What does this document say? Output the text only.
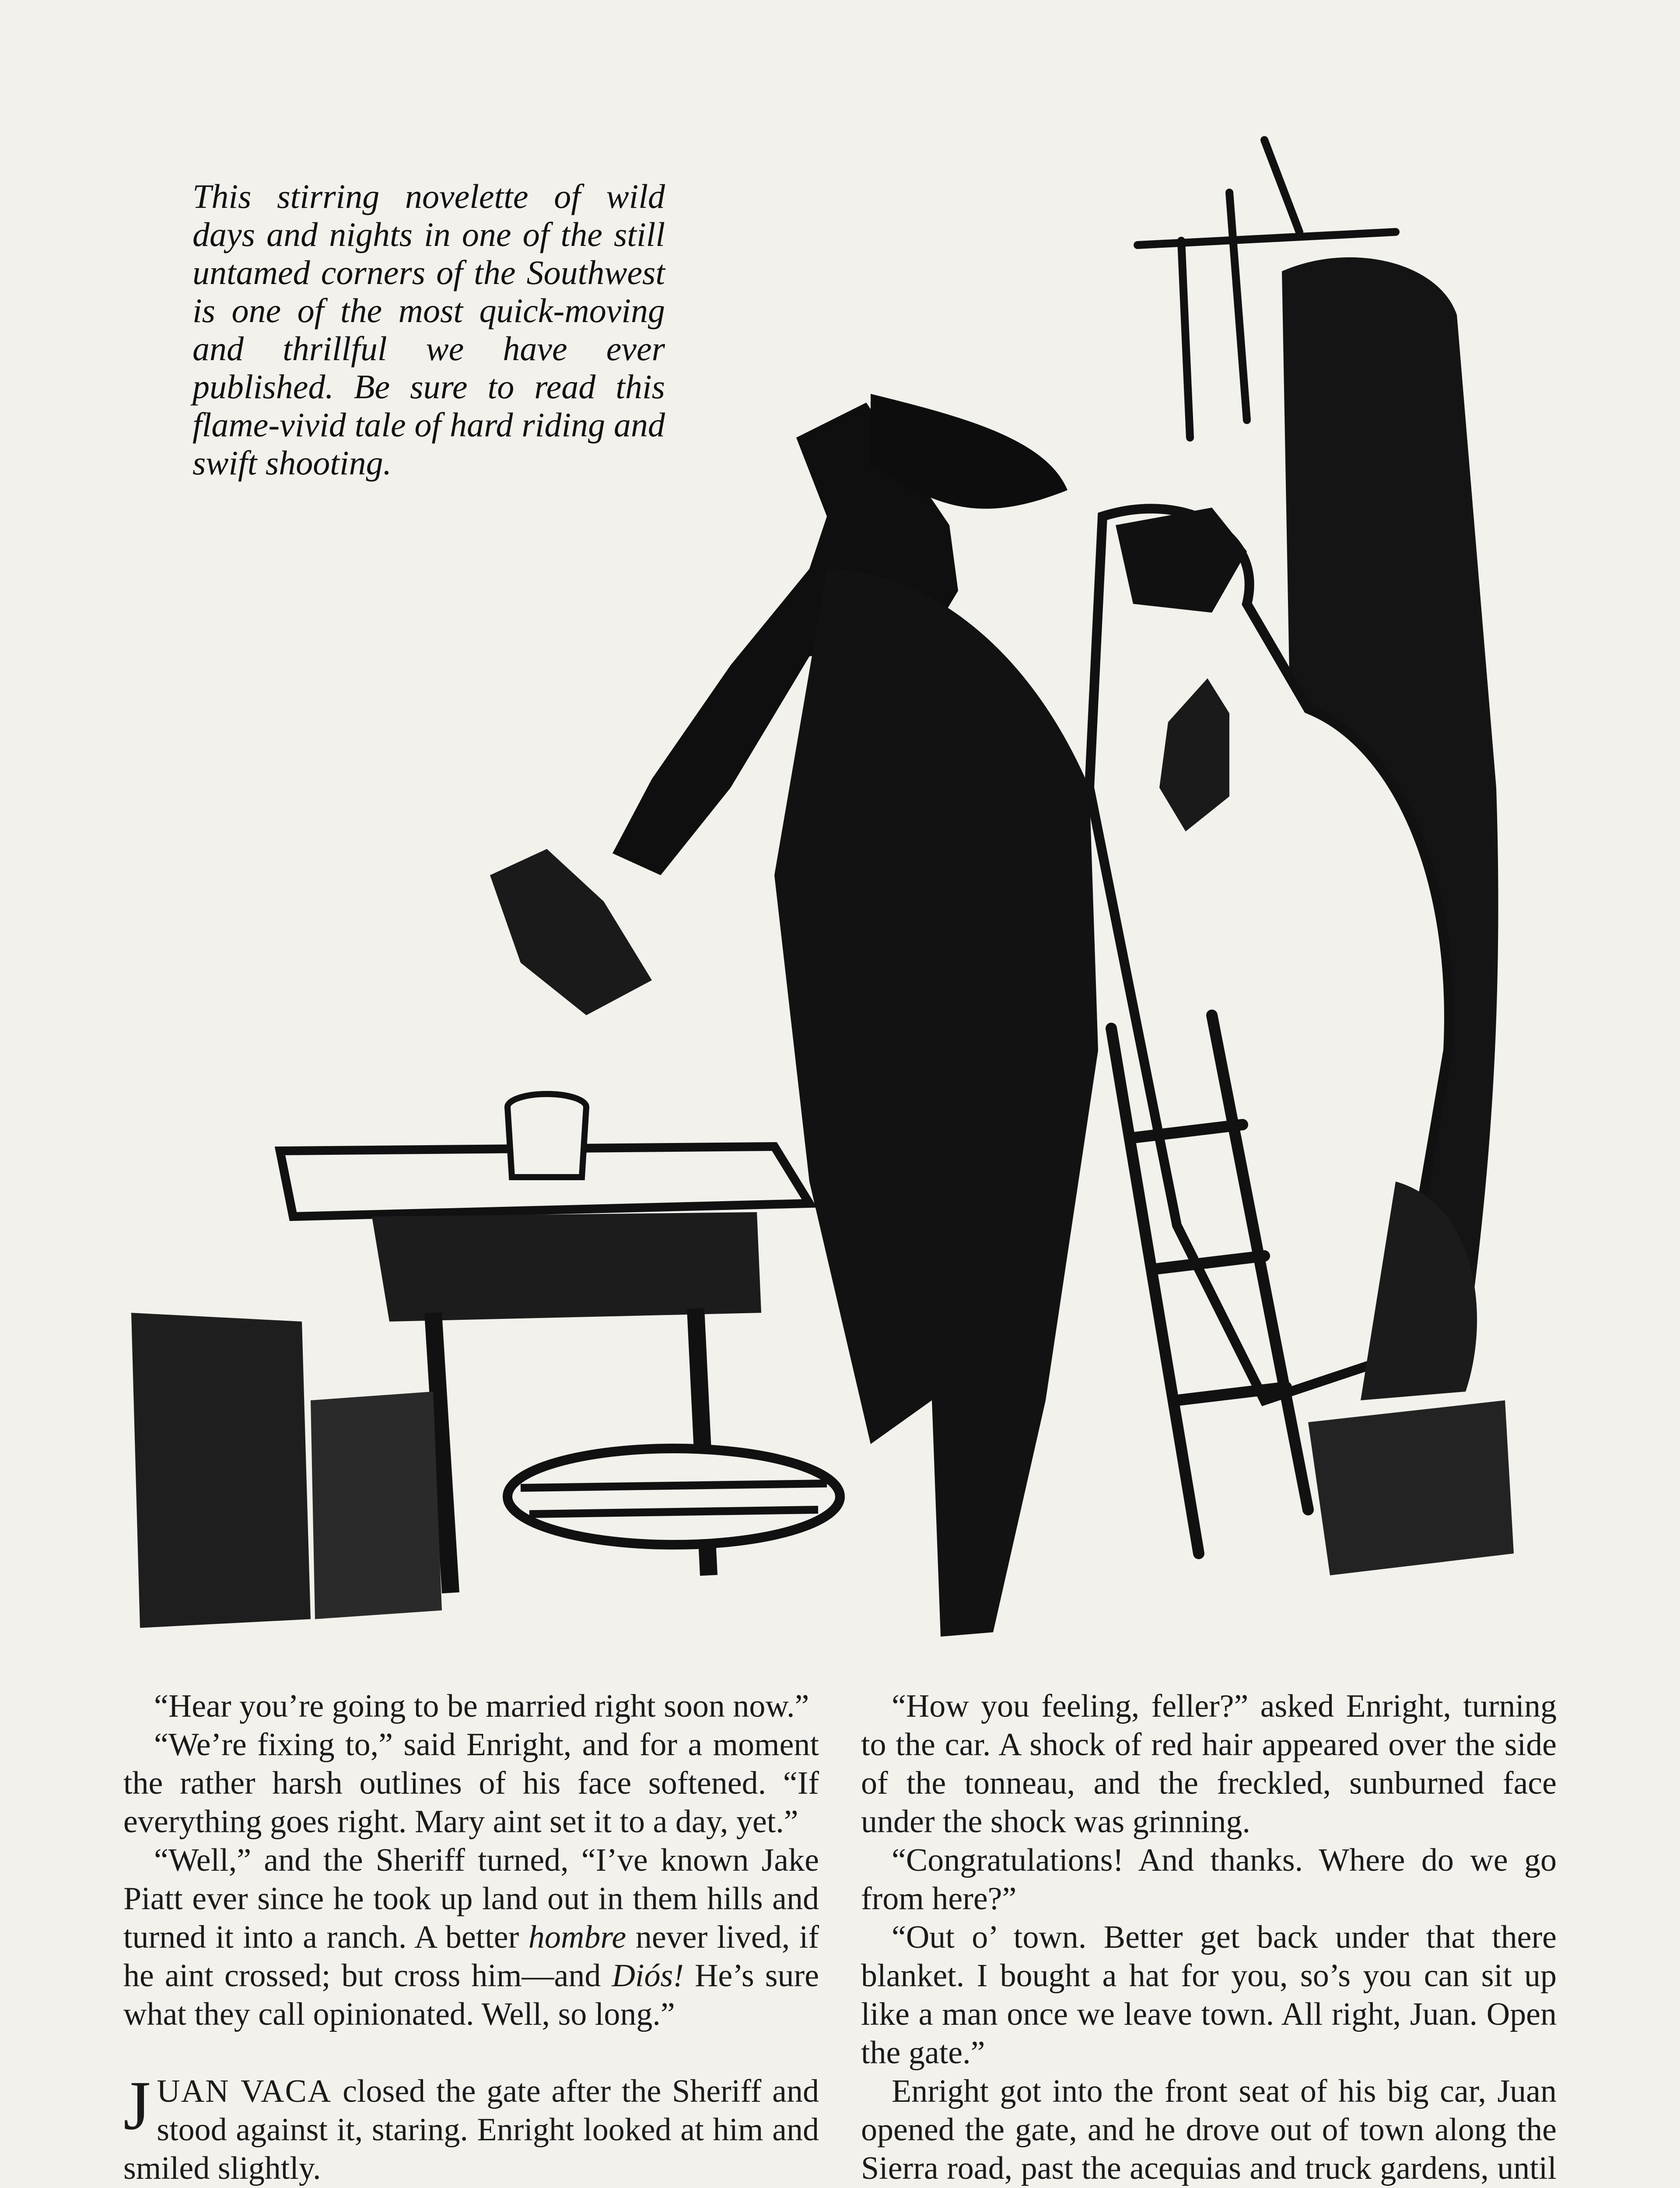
This stirring novelette of wild days and nights in one of the still untamed corners of the Southwest is one of the most quick-moving and thrillful we have ever published. Be sure to read this flame-vivid tale of hard riding and swift shooting.

“Hear you’re going to be married right soon now.”

“We’re fixing to,” said Enright, and for a moment the rather harsh outlines of his face softened. “If everything goes right. Mary aint set it to a day, yet.”

“Well,” and the Sheriff turned, “I’ve known Jake Piatt ever since he took up land out in them hills and turned it into a ranch. A better hombre never lived, if he aint crossed; but cross him—and Diós! He’s sure what they call opinionated. Well, so long.”

JUAN VACA closed the gate after the Sheriff and stood against it, staring. Enright looked at him and smiled slightly.

“How you feeling, feller?” asked Enright, turning to the car. A shock of red hair appeared over the side of the tonneau, and the freckled, sunburned face under the shock was grinning.

“Congratulations! And thanks. Where do we go from here?”

“Out o’ town. Better get back under that there blanket. I bought a hat for you, so’s you can sit up like a man once we leave town. All right, Juan. Open the gate.”

Enright got into the front seat of his big car, Juan opened the gate, and he drove out of town along the Sierra road, past the acequias and truck gardens, until
